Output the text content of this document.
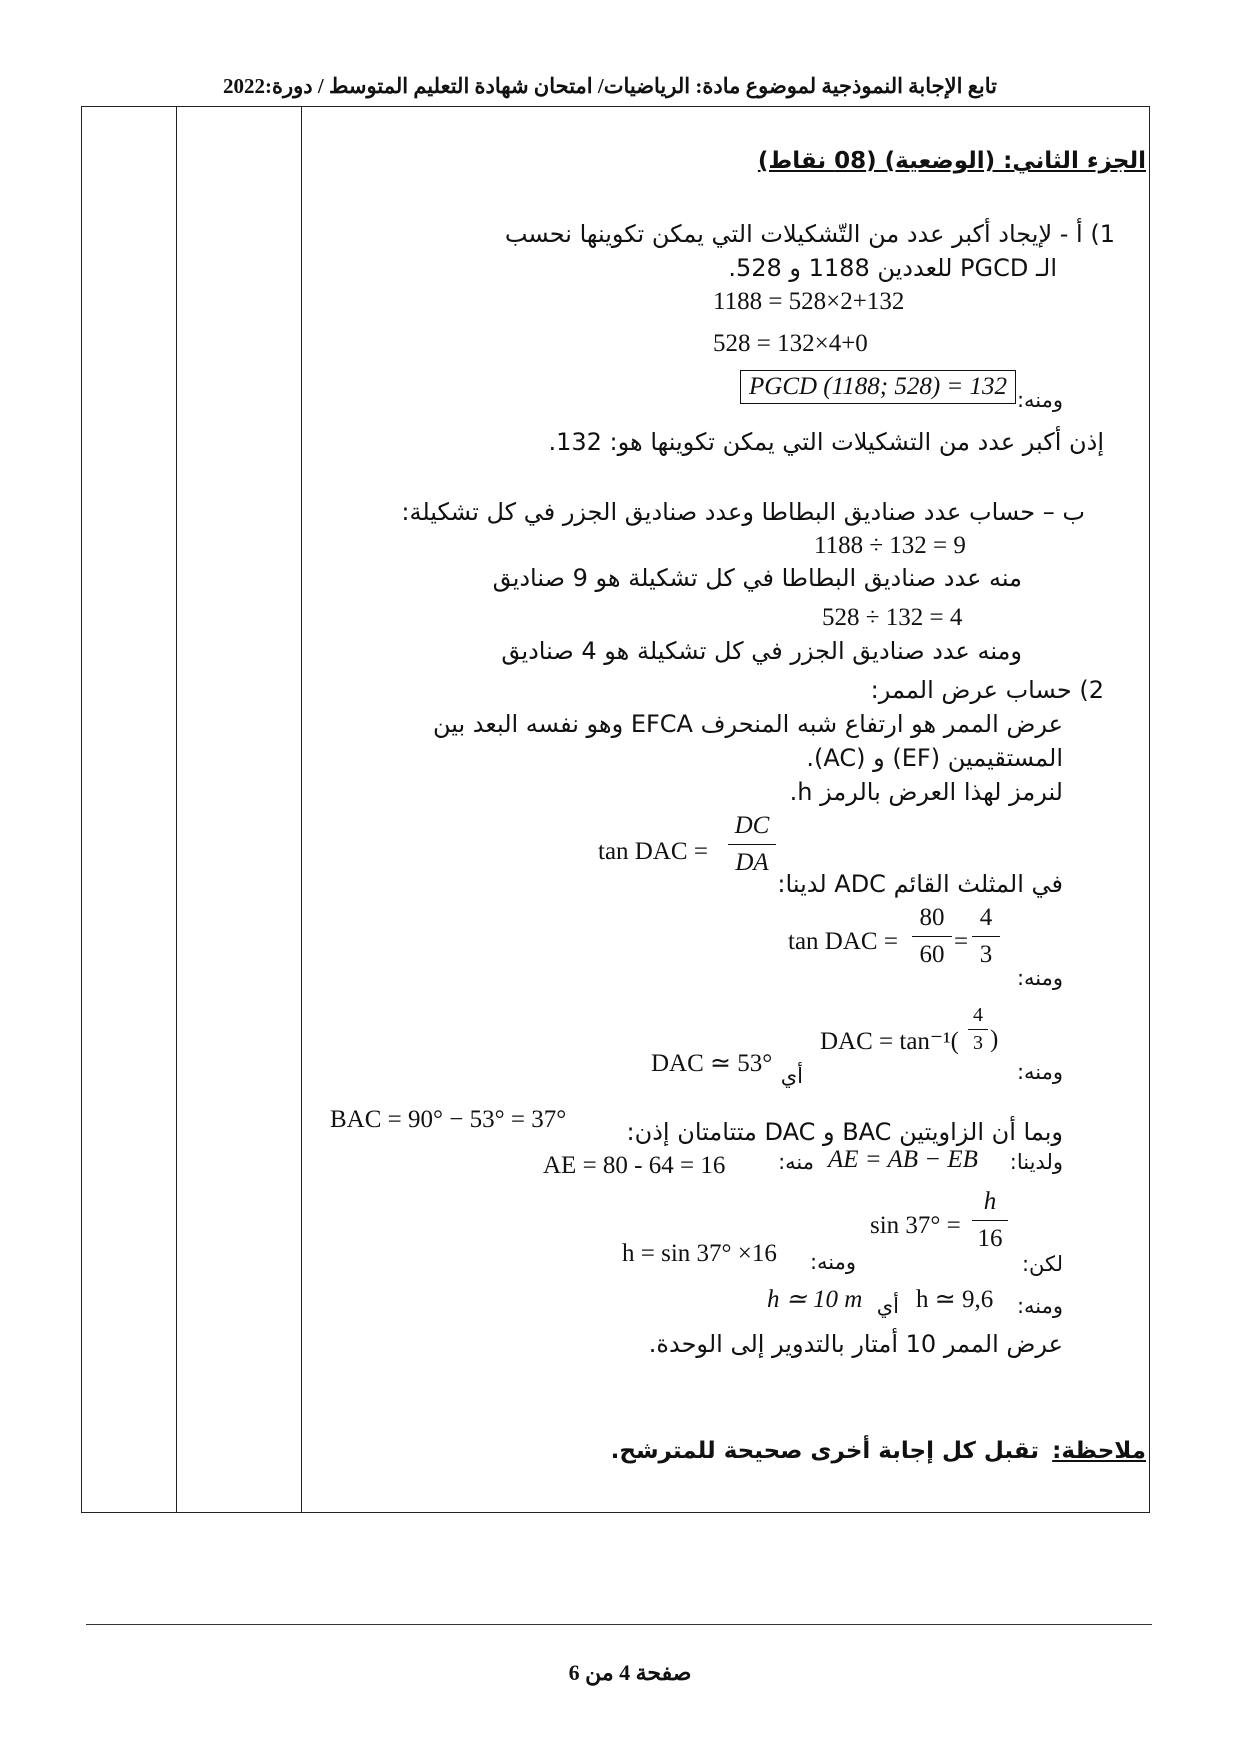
تابع الإجابة النموذجية لموضوع مادة: الرياضيات/ امتحان شهادة التعليم المتوسط / دورة:2022
الجزء الثاني: (الوضعية) (08 نقاط)
1) أ - لإيجاد أكبر عدد من التّشكيلات التي يمكن تكوينها نحسب
الـ PGCD للعددين 1188 و 528.
1188 = 528×2+132
528 = 132×4+0
PGCD (1188; 528) = 132 ومنه:
إذن أكبر عدد من التشكيلات التي يمكن تكوينها هو: 132.
ب – حساب عدد صناديق البطاطا وعدد صناديق الجزر في كل تشكيلة:
1188 ÷ 132 = 9
منه عدد صناديق البطاطا في كل تشكيلة هو 9 صناديق
528 ÷ 132 = 4
ومنه عدد صناديق الجزر في كل تشكيلة هو 4 صناديق
2) حساب عرض الممر:
عرض الممر هو ارتفاع شبه المنحرف EFCA وهو نفسه البعد بين
المستقيمين (EF) و (AC).
لنرمز لهذا العرض بالرمز h.
tan DAC =
DC
DA
في المثلث القائم ADC لدينا:
tan DAC =
80
60 =
4
3
ومنه:
DAC = tan⁻¹(
4
3 )
ومنه:
أي
DAC ≃ 53°
وبما أن الزاويتين BAC و DAC متتامتان إذن:
BAC = 90° − 53° = 37°
ولدينا:
AE = AB − EB
منه:
AE = 80 - 64 = 16
sin 37° =
h
16
لكن:
ومنه:
h = sin 37° ×16
ومنه:
h ≃ 9,6
أي
h ≃ 10 m
عرض الممر 10 أمتار بالتدوير إلى الوحدة.
ملاحظة:
تقبل كل إجابة أخرى صحيحة للمترشح.
صفحة 4 من 6
